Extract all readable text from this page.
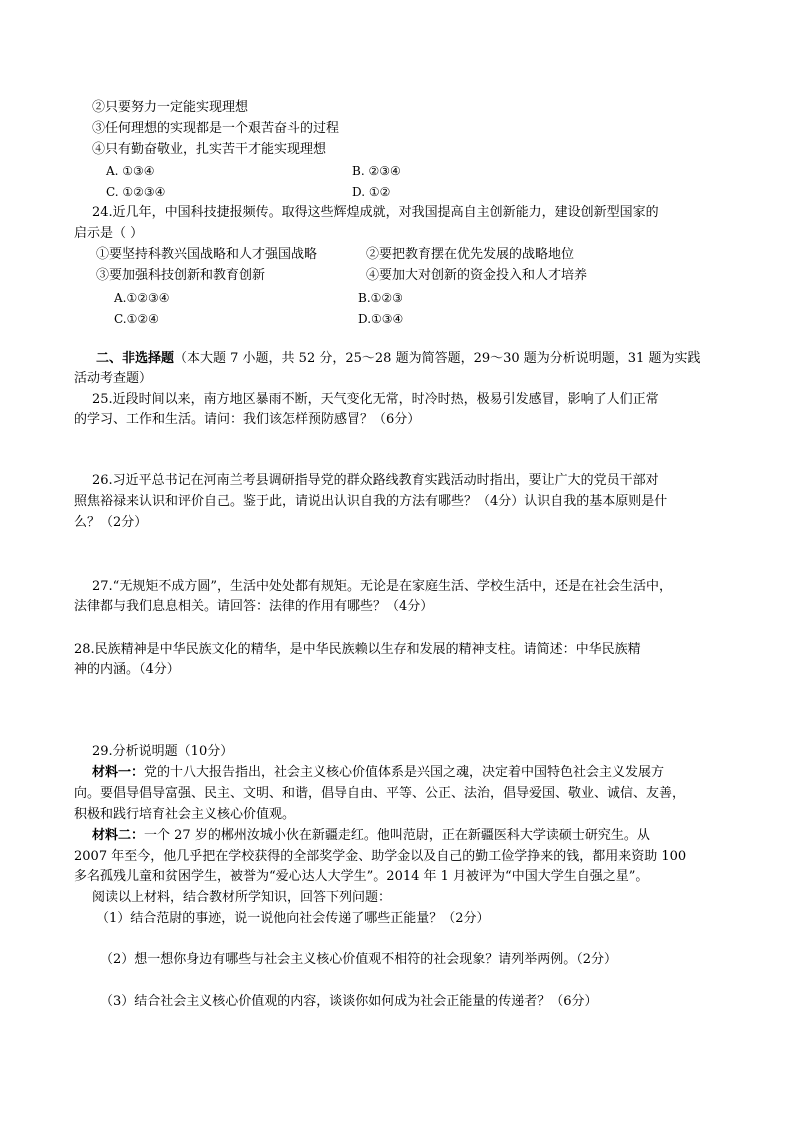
②只要努力一定能实现理想
③任何理想的实现都是一个艰苦奋斗的过程
④只有勤奋敬业，扎实苦干才能实现理想
A. ①③④	B. ②③④
C. ①②③④	D. ①②
24.近几年，中国科技捷报频传。取得这些辉煌成就，对我国提高自主创新能力，建设创新型国家的
启示是（ ）
①要坚持科教兴国战略和人才强国战略	②要把教育摆在优先发展的战略地位
③要加强科技创新和教育创新	④要加大对创新的资金投入和人才培养
A.①②③④	B.①②③
C.①②④	D.①③④
二、非选择题（本大题 7 小题，共 52 分，25～28 题为简答题，29～30 题为分析说明题，31 题为实践
活动考查题）
25.近段时间以来，南方地区暴雨不断，天气变化无常，时冷时热，极易引发感冒，影响了人们正常
的学习、工作和生活。请问：我们该怎样预防感冒？（6分）
26.习近平总书记在河南兰考县调研指导党的群众路线教育实践活动时指出，要让广大的党员干部对
照焦裕禄来认识和评价自己。鉴于此，请说出认识自我的方法有哪些？（4分）认识自我的基本原则是什
么？（2分）
27.“无规矩不成方圆”，生活中处处都有规矩。无论是在家庭生活、学校生活中，还是在社会生活中，
法律都与我们息息相关。请回答：法律的作用有哪些？（4分）
28.民族精神是中华民族文化的精华，是中华民族赖以生存和发展的精神支柱。请简述：中华民族精
神的内涵。（4分）
29.分析说明题（10分）
材料一：党的十八大报告指出，社会主义核心价值体系是兴国之魂，决定着中国特色社会主义发展方
向。要倡导倡导富强、民主、文明、和谐，倡导自由、平等、公正、法治，倡导爱国、敬业、诚信、友善，
积极和践行培育社会主义核心价值观。
材料二：一个 27 岁的郴州汝城小伙在新疆走红。他叫范尉，正在新疆医科大学读硕士研究生。从
2007 年至今，他几乎把在学校获得的全部奖学金、助学金以及自己的勤工俭学挣来的钱，都用来资助 100
多名孤残儿童和贫困学生，被誉为“爱心达人大学生”。2014 年 1 月被评为“中国大学生自强之星”。
阅读以上材料，结合教材所学知识，回答下列问题：
（1）结合范尉的事迹，说一说他向社会传递了哪些正能量？（2分）
（2）想一想你身边有哪些与社会主义核心价值观不相符的社会现象？请列举两例。（2分）
（3）结合社会主义核心价值观的内容，谈谈你如何成为社会正能量的传递者？（6分）
